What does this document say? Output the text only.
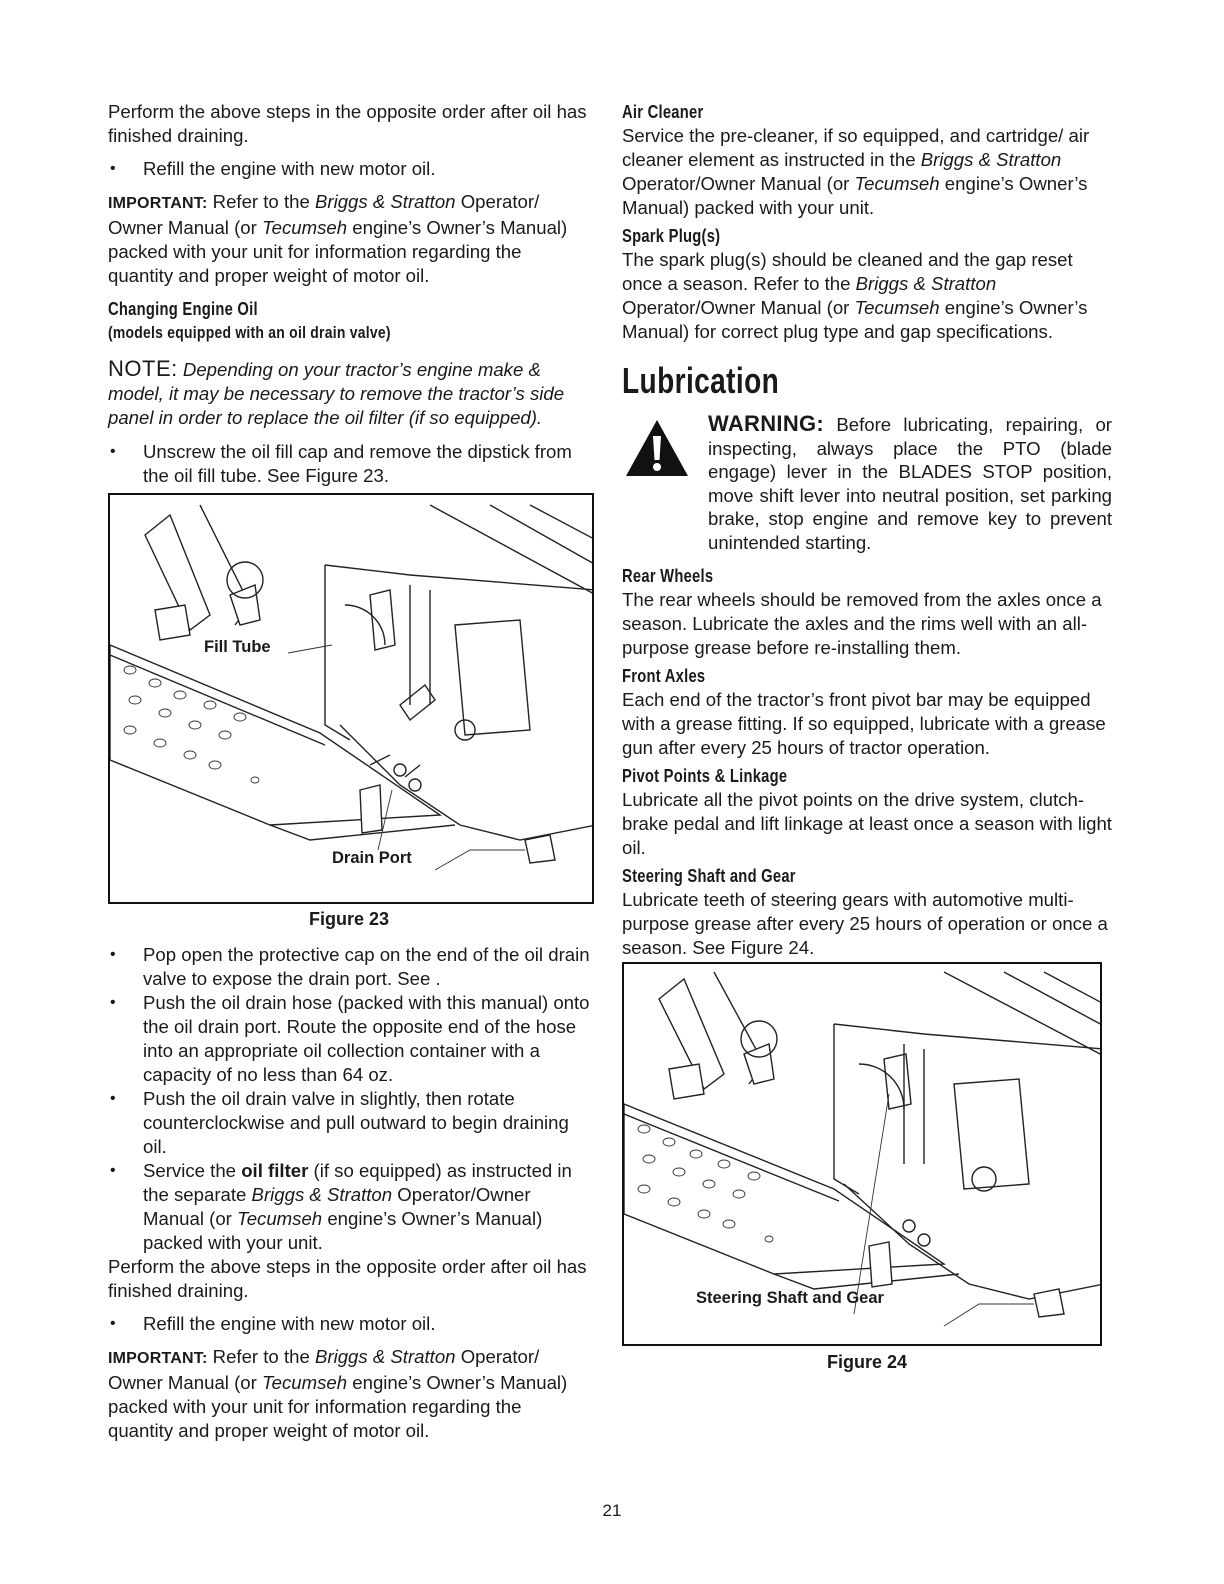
Perform the above steps in the opposite order after oil has finished draining.

• Refill the engine with new motor oil.

IMPORTANT: Refer to the Briggs & Stratton Operator/ Owner Manual (or Tecumseh engine’s Owner’s Manual) packed with your unit for information regarding the quantity and proper weight of motor oil.

Changing Engine Oil
(models equipped with an oil drain valve)

NOTE: Depending on your tractor’s engine make & model, it may be necessary to remove the tractor’s side panel in order to replace the oil filter (if so equipped).

• Unscrew the oil fill cap and remove the dipstick from the oil fill tube. See Figure 23.

Fill Tube
Drain Port
Figure 23

• Pop open the protective cap on the end of the oil drain valve to expose the drain port. See .

• Push the oil drain hose (packed with this manual) onto the oil drain port. Route the opposite end of the hose into an appropriate oil collection container with a capacity of no less than 64 oz.

• Push the oil drain valve in slightly, then rotate counterclockwise and pull outward to begin draining oil.

• Service the oil filter (if so equipped) as instructed in the separate Briggs & Stratton Operator/Owner Manual (or Tecumseh engine’s Owner’s Manual) packed with your unit.

Perform the above steps in the opposite order after oil has finished draining.

• Refill the engine with new motor oil.

IMPORTANT: Refer to the Briggs & Stratton Operator/ Owner Manual (or Tecumseh engine’s Owner’s Manual) packed with your unit for information regarding the quantity and proper weight of motor oil.

Air Cleaner

Service the pre-cleaner, if so equipped, and cartridge/ air cleaner element as instructed in the Briggs & Stratton Operator/Owner Manual (or Tecumseh engine’s Owner’s Manual) packed with your unit.

Spark Plug(s)

The spark plug(s) should be cleaned and the gap reset once a season. Refer to the Briggs & Stratton Operator/Owner Manual (or Tecumseh engine’s Owner’s Manual) for correct plug type and gap specifications.

Lubrication

WARNING: Before lubricating, repairing, or inspecting, always place the PTO (blade engage) lever in the BLADES STOP position, move shift lever into neutral position, set parking brake, stop engine and remove key to prevent unintended starting.

Rear Wheels

The rear wheels should be removed from the axles once a season. Lubricate the axles and the rims well with an all-purpose grease before re-installing them.

Front Axles

Each end of the tractor’s front pivot bar may be equipped with a grease fitting. If so equipped, lubricate with a grease gun after every 25 hours of tractor operation.

Pivot Points & Linkage

Lubricate all the pivot points on the drive system, clutch-brake pedal and lift linkage at least once a season with light oil.

Steering Shaft and Gear

Lubricate teeth of steering gears with automotive multi-purpose grease after every 25 hours of operation or once a season. See Figure 24.

Steering Shaft and Gear
Figure 24
21
